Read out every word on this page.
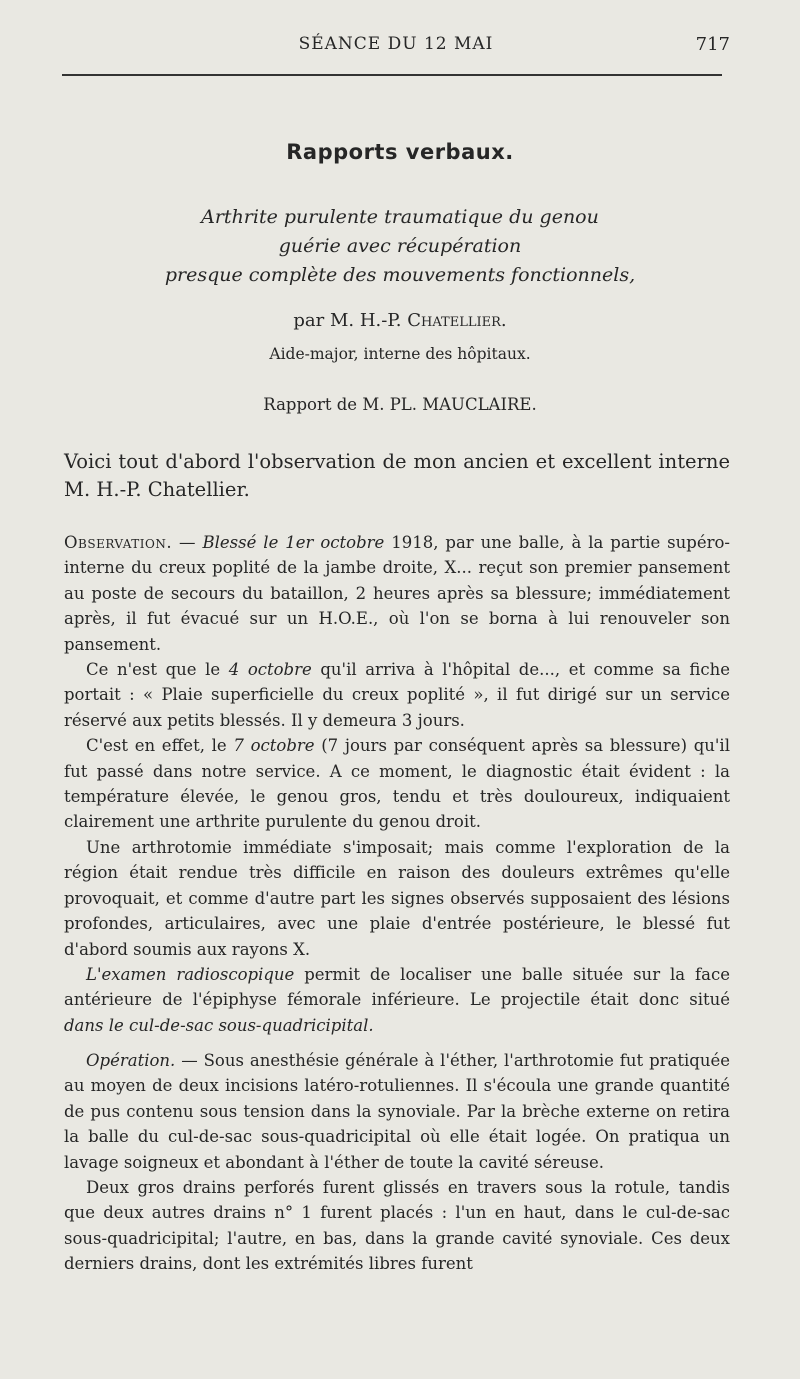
SÉANCE DU 12 MAI	717
Rapports verbaux.
Arthrite purulente traumatique du genou
guérie avec récupération
presque complète des mouvements fonctionnels,
par M. H.-P. Chatellier.
Aide-major, interne des hôpitaux.
Rapport de M. PL. MAUCLAIRE.
Voici tout d'abord l'observation de mon ancien et excellent interne M. H.-P. Chatellier.

Observation. — Blessé le 1er octobre 1918, par une balle, à la partie supéro-interne du creux poplité de la jambe droite, X... reçut son premier pansement au poste de secours du bataillon, 2 heures après sa blessure; immédiatement après, il fut évacué sur un H.O.E., où l'on se borna à lui renouveler son pansement.

Ce n'est que le 4 octobre qu'il arriva à l'hôpital de..., et comme sa fiche portait : « Plaie superficielle du creux poplité », il fut dirigé sur un service réservé aux petits blessés. Il y demeura 3 jours.

C'est en effet, le 7 octobre (7 jours par conséquent après sa blessure) qu'il fut passé dans notre service. A ce moment, le diagnostic était évident : la température élevée, le genou gros, tendu et très douloureux, indiquaient clairement une arthrite purulente du genou droit.

Une arthrotomie immédiate s'imposait; mais comme l'exploration de la région était rendue très difficile en raison des douleurs extrêmes qu'elle provoquait, et comme d'autre part les signes observés supposaient des lésions profondes, articulaires, avec une plaie d'entrée postérieure, le blessé fut d'abord soumis aux rayons X.

L'examen radioscopique permit de localiser une balle située sur la face antérieure de l'épiphyse fémorale inférieure. Le projectile était donc situé dans le cul-de-sac sous-quadricipital.

Opération. — Sous anesthésie générale à l'éther, l'arthrotomie fut pratiquée au moyen de deux incisions latéro-rotuliennes. Il s'écoula une grande quantité de pus contenu sous tension dans la synoviale. Par la brèche externe on retira la balle du cul-de-sac sous-quadricipital où elle était logée. On pratiqua un lavage soigneux et abondant à l'éther de toute la cavité séreuse.

Deux gros drains perforés furent glissés en travers sous la rotule, tandis que deux autres drains n° 1 furent placés : l'un en haut, dans le cul-de-sac sous-quadricipital; l'autre, en bas, dans la grande cavité synoviale. Ces deux derniers drains, dont les extrémités libres furent
